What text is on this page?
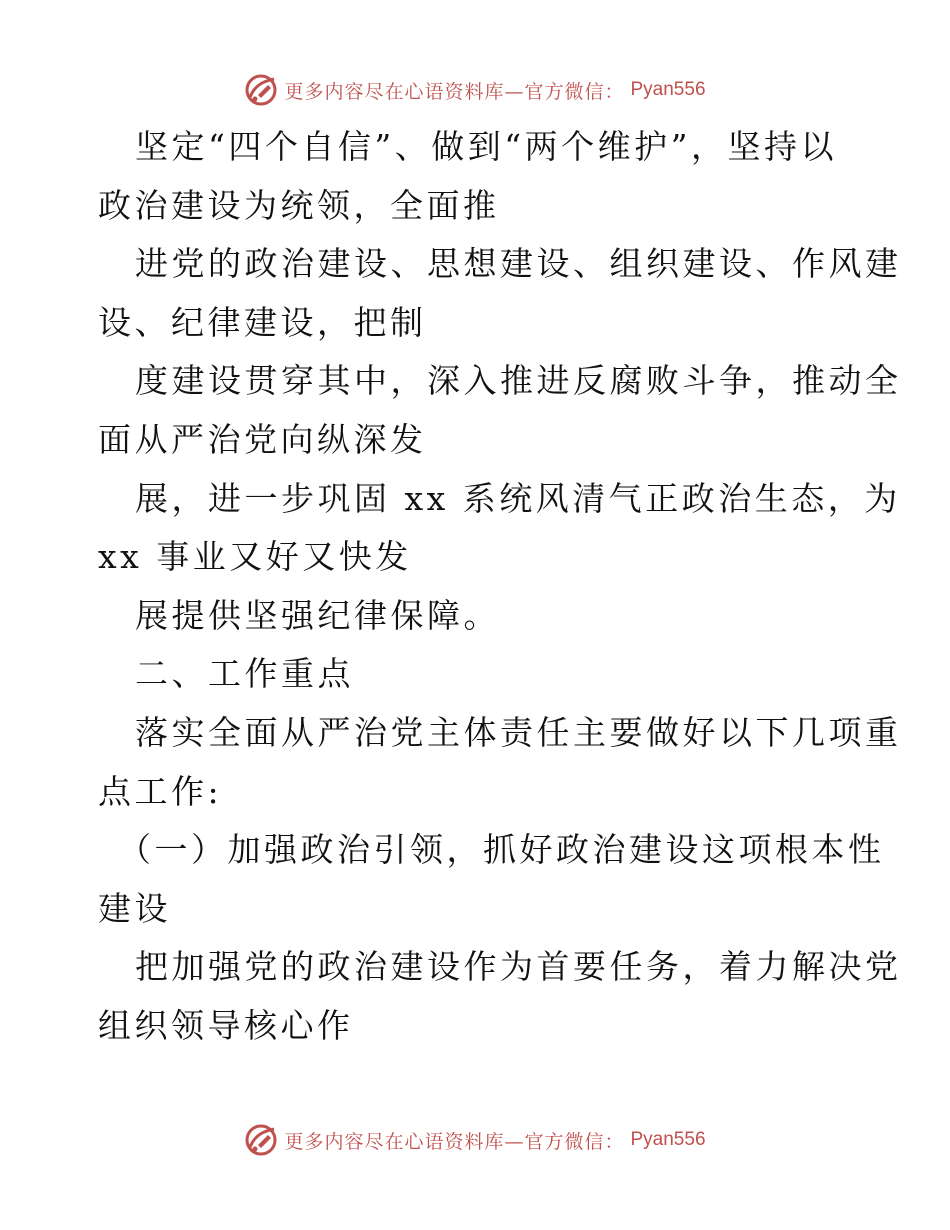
更多内容尽在心语资料库—官方微信： Pyan556
坚定“四个自信”、做到“两个维护”，坚持以
政治建设为统领，全面推
进党的政治建设、思想建设、组织建设、作风建
设、纪律建设，把制
度建设贯穿其中，深入推进反腐败斗争，推动全
面从严治党向纵深发
展，进一步巩固 xx 系统风清气正政治生态，为
xx 事业又好又快发
展提供坚强纪律保障。
二、工作重点
落实全面从严治党主体责任主要做好以下几项重
点工作:
（一）加强政治引领，抓好政治建设这项根本性
建设
把加强党的政治建设作为首要任务，着力解决党
组织领导核心作
更多内容尽在心语资料库—官方微信： Pyan556
